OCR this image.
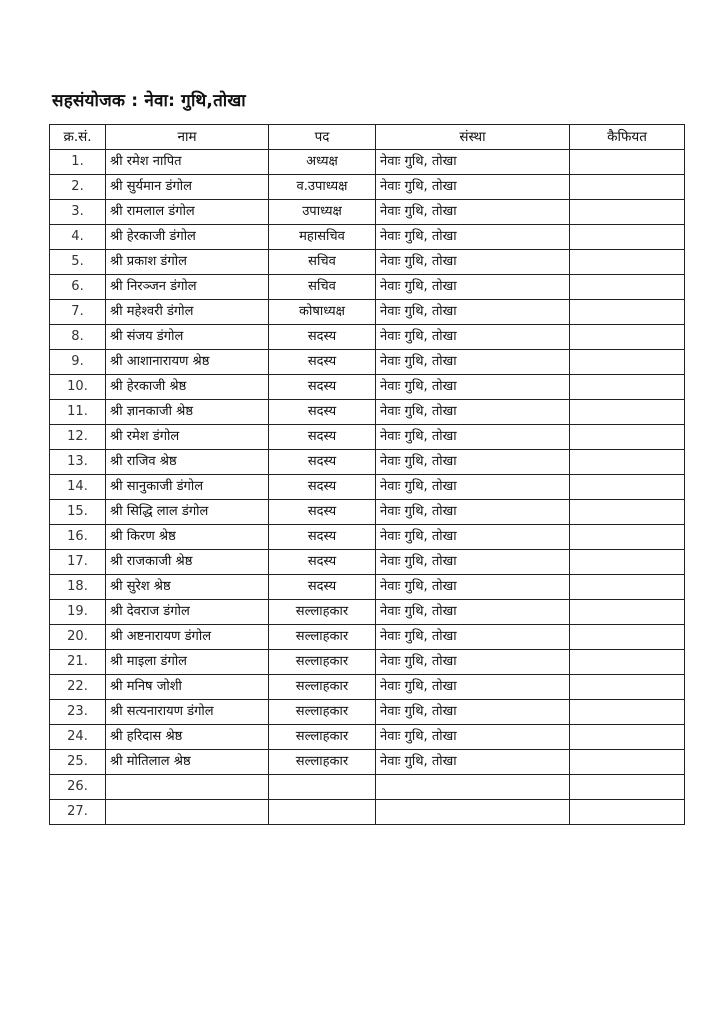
सहसंयोजक : नेवा: गुथि,तोखा
क्र.सं.	नाम	पद	संस्था	कैफियत
1.	श्री रमेश नापित	अध्यक्ष	नेवाः गुथि, तोखा	
2.	श्री सुर्यमान डंगोल	व.उपाध्यक्ष	नेवाः गुथि, तोखा	
3.	श्री रामलाल डंगोल	उपाध्यक्ष	नेवाः गुथि, तोखा	
4.	श्री हेरकाजी डंगोल	महासचिव	नेवाः गुथि, तोखा	
5.	श्री प्रकाश डंगोल	सचिव	नेवाः गुथि, तोखा	
6.	श्री निरञ्जन डंगोल	सचिव	नेवाः गुथि, तोखा	
7.	श्री महेश्वरी डंगोल	कोषाध्यक्ष	नेवाः गुथि, तोखा	
8.	श्री संजय डंगोल	सदस्य	नेवाः गुथि, तोखा	
9.	श्री आशानारायण श्रेष्ठ	सदस्य	नेवाः गुथि, तोखा	
10.	श्री हेरकाजी श्रेष्ठ	सदस्य	नेवाः गुथि, तोखा	
11.	श्री ज्ञानकाजी श्रेष्ठ	सदस्य	नेवाः गुथि, तोखा	
12.	श्री रमेश डंगोल	सदस्य	नेवाः गुथि, तोखा	
13.	श्री राजिव श्रेष्ठ	सदस्य	नेवाः गुथि, तोखा	
14.	श्री सानुकाजी डंगोल	सदस्य	नेवाः गुथि, तोखा	
15.	श्री सिद्धि लाल डंगोल	सदस्य	नेवाः गुथि, तोखा	
16.	श्री किरण श्रेष्ठ	सदस्य	नेवाः गुथि, तोखा	
17.	श्री राजकाजी श्रेष्ठ	सदस्य	नेवाः गुथि, तोखा	
18.	श्री सुरेश श्रेष्ठ	सदस्य	नेवाः गुथि, तोखा	
19.	श्री देवराज डंगोल	सल्लाहकार	नेवाः गुथि, तोखा	
20.	श्री अष्टनारायण डंगोल	सल्लाहकार	नेवाः गुथि, तोखा	
21.	श्री माइला डंगोल	सल्लाहकार	नेवाः गुथि, तोखा	
22.	श्री मनिष जोशी	सल्लाहकार	नेवाः गुथि, तोखा	
23.	श्री सत्यनारायण डंगोल	सल्लाहकार	नेवाः गुथि, तोखा	
24.	श्री हरिदास श्रेष्ठ	सल्लाहकार	नेवाः गुथि, तोखा	
25.	श्री मोतिलाल श्रेष्ठ	सल्लाहकार	नेवाः गुथि, तोखा	
26.				
27.				
